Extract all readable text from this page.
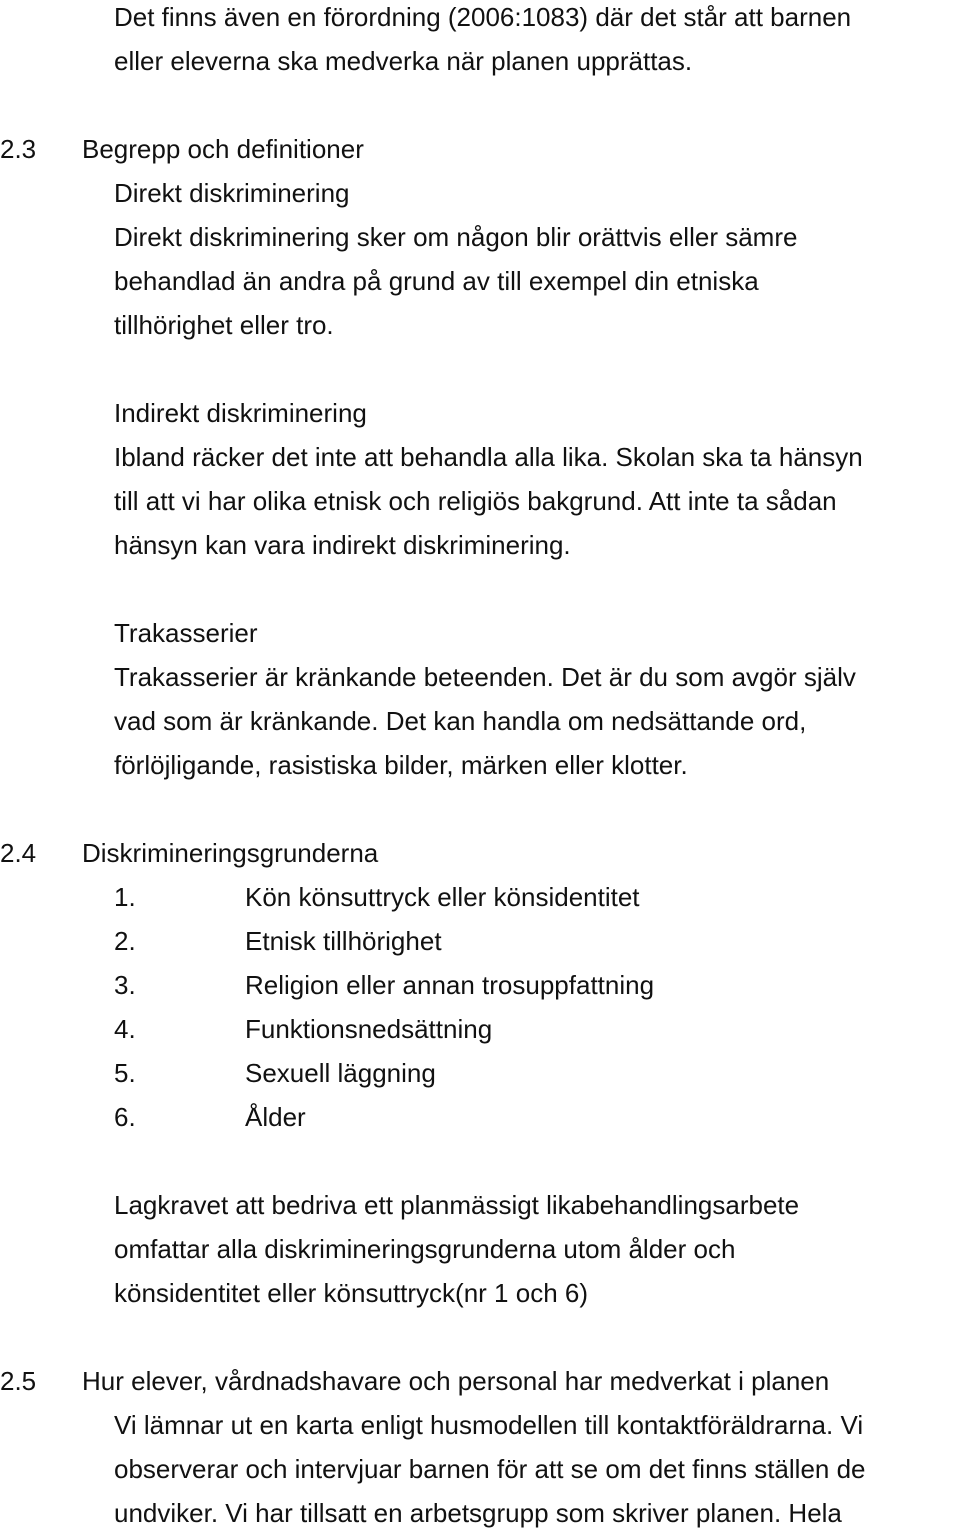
Det finns även en förordning (2006:1083) där det står att barnen
eller eleverna ska medverka när planen upprättas.
2.3 Begrepp och definitioner
Direkt diskriminering
Direkt diskriminering sker om någon blir orättvis eller sämre
behandlad än andra på grund av till exempel din etniska
tillhörighet eller tro.
Indirekt diskriminering
Ibland räcker det inte att behandla alla lika. Skolan ska ta hänsyn
till att vi har olika etnisk och religiös bakgrund. Att inte ta sådan
hänsyn kan vara indirekt diskriminering.
Trakasserier
Trakasserier är kränkande beteenden. Det är du som avgör själv
vad som är kränkande. Det kan handla om nedsättande ord,
förlöjligande, rasistiska bilder, märken eller klotter.
2.4 Diskrimineringsgrunderna
1.	Kön könsuttryck eller könsidentitet
2.	Etnisk tillhörighet
3.	Religion eller annan trosuppfattning
4.	Funktionsnedsättning
5.	Sexuell läggning
6.	Ålder
Lagkravet att bedriva ett planmässigt likabehandlingsarbete
omfattar alla diskrimineringsgrunderna utom ålder och
könsidentitet eller könsuttryck(nr 1 och 6)
2.5 Hur elever, vårdnadshavare och personal har medverkat i planen
Vi lämnar ut en karta enligt husmodellen till kontaktföräldrarna. Vi
observerar och intervjuar barnen för att se om det finns ställen de
undviker. Vi har tillsatt en arbetsgrupp som skriver planen. Hela
